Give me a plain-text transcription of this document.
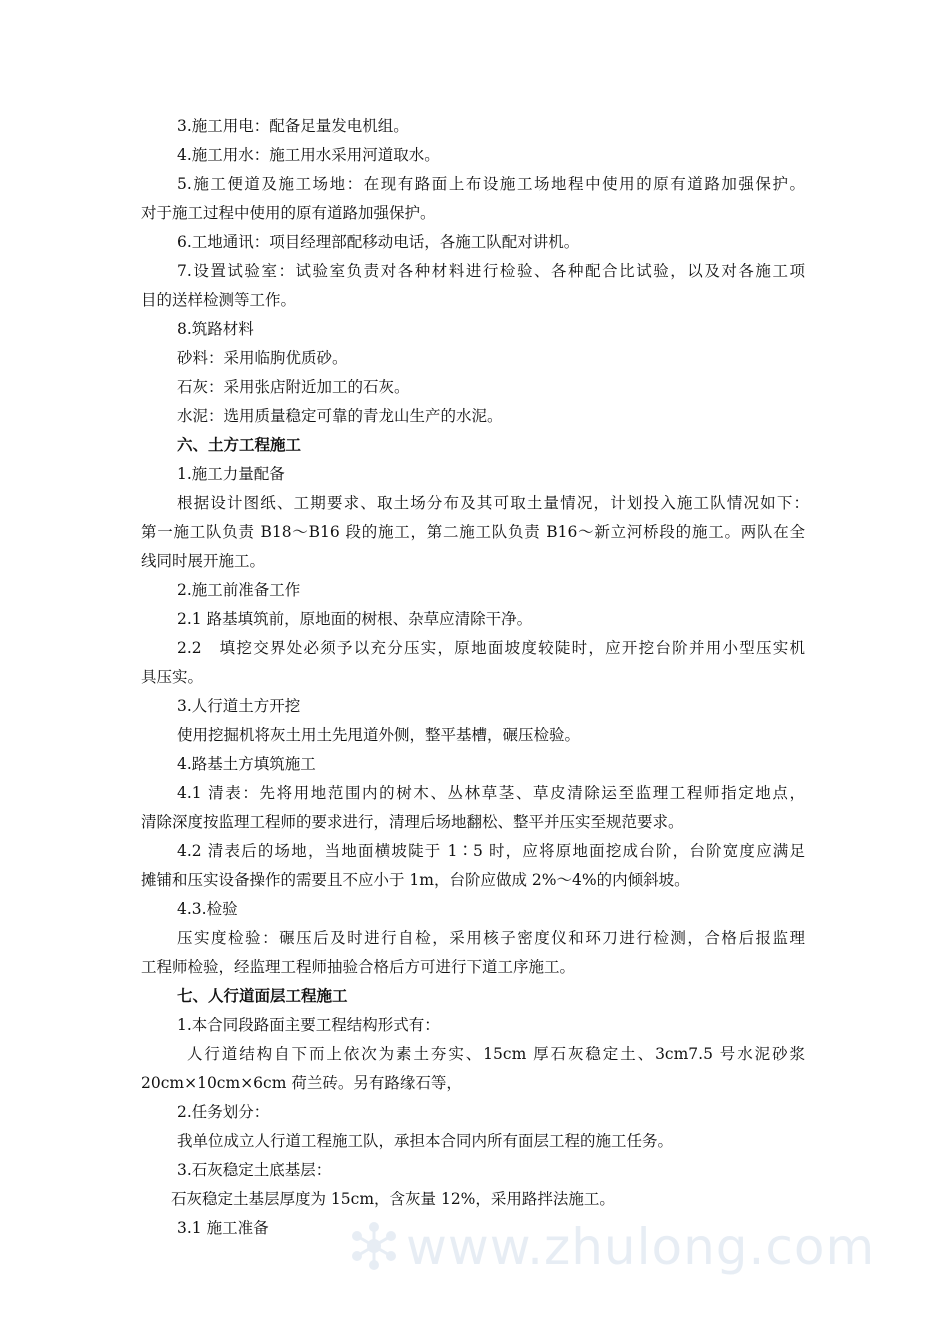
3.施工用电：配备足量发电机组。
4.施工用水：施工用水采用河道取水。
5.施工便道及施工场地：在现有路面上布设施工场地程中使用的原有道路加强保护。
对于施工过程中使用的原有道路加强保护。
6.工地通讯：项目经理部配移动电话，各施工队配对讲机。
7.设置试验室：试验室负责对各种材料进行检验、各种配合比试验，以及对各施工项
目的送样检测等工作。
8.筑路材料
砂料：采用临朐优质砂。
石灰：采用张店附近加工的石灰。
水泥：选用质量稳定可靠的青龙山生产的水泥。
六、土方工程施工
1.施工力量配备
根据设计图纸、工期要求、取土场分布及其可取土量情况，计划投入施工队情况如下：
第一施工队负责 B18～B16 段的施工，第二施工队负责 B16～新立河桥段的施工。两队在全
线同时展开施工。
2.施工前准备工作
2.1 路基填筑前，原地面的树根、杂草应清除干净。
2.2　填挖交界处必须予以充分压实，原地面坡度较陡时，应开挖台阶并用小型压实机
具压实。
3.人行道土方开挖
使用挖掘机将灰土用土先甩道外侧，整平基槽，碾压检验。
4.路基土方填筑施工
4.1 清表：先将用地范围内的树木、丛林草茎、草皮清除运至监理工程师指定地点，
清除深度按监理工程师的要求进行，清理后场地翻松、整平并压实至规范要求。
4.2 清表后的场地，当地面横坡陡于 1∶5 时，应将原地面挖成台阶，台阶宽度应满足
摊铺和压实设备操作的需要且不应小于 1m，台阶应做成 2%～4%的内倾斜坡。
4.3.检验
压实度检验：碾压后及时进行自检，采用核子密度仪和环刀进行检测，合格后报监理
工程师检验，经监理工程师抽验合格后方可进行下道工序施工。
七、人行道面层工程施工
1.本合同段路面主要工程结构形式有：
人行道结构自下而上依次为素土夯实、15cm 厚石灰稳定土、3cm7.5 号水泥砂浆
20cm×10cm×6cm 荷兰砖。另有路缘石等，
2.任务划分：
我单位成立人行道工程施工队，承担本合同内所有面层工程的施工任务。
3.石灰稳定土底基层：
石灰稳定土基层厚度为 15cm，含灰量 12%，采用路拌法施工。
3.1 施工准备	www.zhulong.com
